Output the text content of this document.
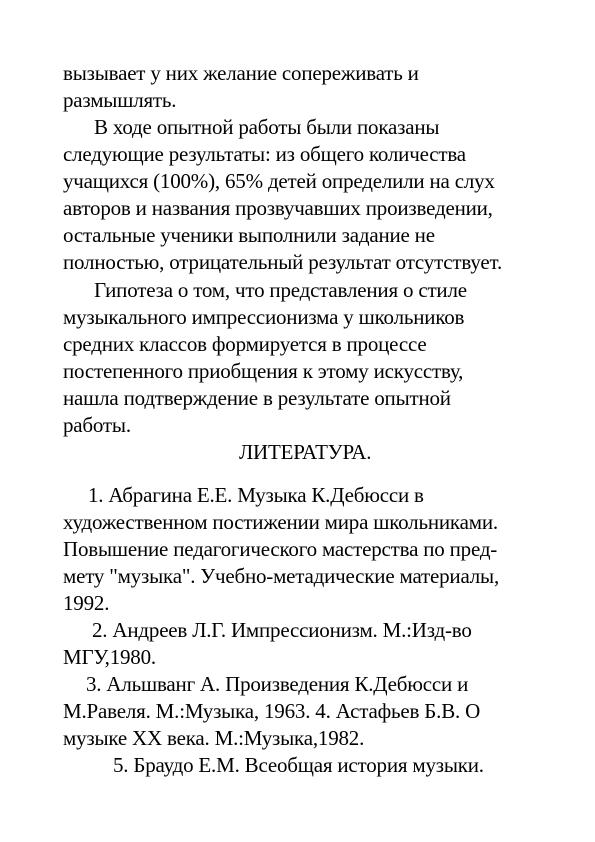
вызывает у них желание сопереживать и
размышлять.
В ходе опытной работы были показаны
следующие результаты: из общего количества
учащихся (100%), 65% детей определили на слух
авторов и названия прозвучавших произведении,
остальные ученики выполнили задание не
полностью, отрицательный результат отсутствует.
Гипотеза о том, что представления о стиле
музыкального импрессионизма у школьников
средних классов формируется в процессе
постепенного приобщения к этому искусству,
нашла подтверждение в результате опытной
работы.
ЛИТЕРАТУРА.
1. Абрагина Е.Е. Музыка К.Дебюсси в
художественном постижении мира школьниками.
Повышение педагогического мастерства по пред-
мету "музыка". Учебно-метадические материалы,
1992.
2. Андреев Л.Г. Импрессионизм. М.:Изд-во
МГУ,1980.
3. Альшванг А. Произведения К.Дебюсси и
М.Равеля. М.:Музыка, 1963. 4. Астафьев Б.В. О
музыке XX века. М.:Музыка,1982.
5. Браудо Е.М. Всеобщая история музыки.
